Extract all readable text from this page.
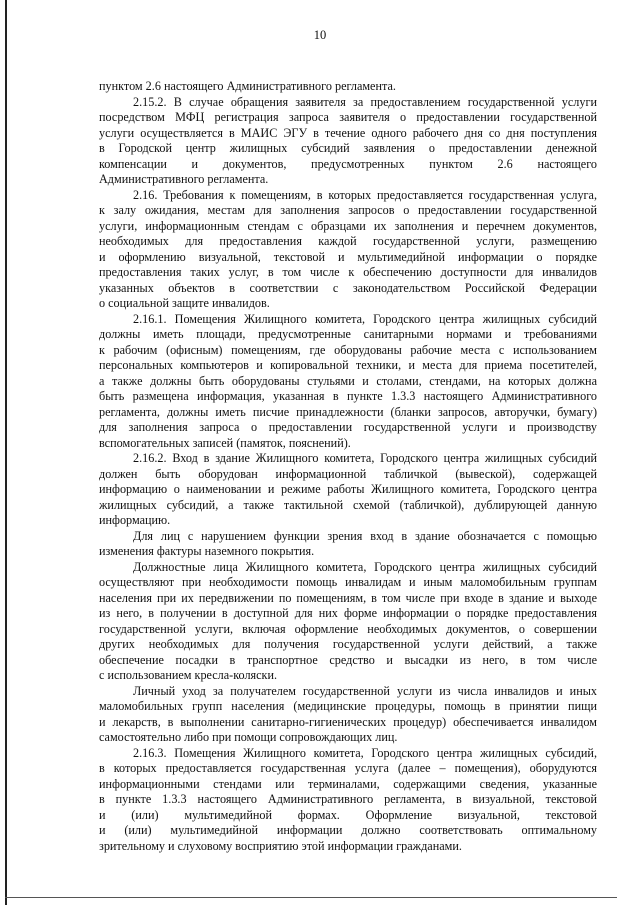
10
пунктом 2.6 настоящего Административного регламента.
2.15.2. В случае обращения заявителя за предоставлением государственной услуги
посредством МФЦ регистрация запроса заявителя о предоставлении государственной
услуги осуществляется в МАИС ЭГУ в течение одного рабочего дня со дня поступления
в Городской центр жилищных субсидий заявления о предоставлении денежной
компенсации и документов, предусмотренных пунктом 2.6 настоящего
Административного регламента.
2.16. Требования к помещениям, в которых предоставляется государственная услуга,
к залу ожидания, местам для заполнения запросов о предоставлении государственной
услуги, информационным стендам с образцами их заполнения и перечнем документов,
необходимых для предоставления каждой государственной услуги, размещению
и оформлению визуальной, текстовой и мультимедийной информации о порядке
предоставления таких услуг, в том числе к обеспечению доступности для инвалидов
указанных объектов в соответствии с законодательством Российской Федерации
о социальной защите инвалидов.
2.16.1. Помещения Жилищного комитета, Городского центра жилищных субсидий
должны иметь площади, предусмотренные санитарными нормами и требованиями
к рабочим (офисным) помещениям, где оборудованы рабочие места с использованием
персональных компьютеров и копировальной техники, и места для приема посетителей,
а также должны быть оборудованы стульями и столами, стендами, на которых должна
быть размещена информация, указанная в пункте 1.3.3 настоящего Административного
регламента, должны иметь писчие принадлежности (бланки запросов, авторучки, бумагу)
для заполнения запроса о предоставлении государственной услуги и производству
вспомогательных записей (памяток, пояснений).
2.16.2. Вход в здание Жилищного комитета, Городского центра жилищных субсидий
должен быть оборудован информационной табличкой (вывеской), содержащей
информацию о наименовании и режиме работы Жилищного комитета, Городского центра
жилищных субсидий, а также тактильной схемой (табличкой), дублирующей данную
информацию.
Для лиц с нарушением функции зрения вход в здание обозначается с помощью
изменения фактуры наземного покрытия.
Должностные лица Жилищного комитета, Городского центра жилищных субсидий
осуществляют при необходимости помощь инвалидам и иным маломобильным группам
населения при их передвижении по помещениям, в том числе при входе в здание и выходе
из него, в получении в доступной для них форме информации о порядке предоставления
государственной услуги, включая оформление необходимых документов, о совершении
других необходимых для получения государственной услуги действий, а также
обеспечение посадки в транспортное средство и высадки из него, в том числе
с использованием кресла-коляски.
Личный уход за получателем государственной услуги из числа инвалидов и иных
маломобильных групп населения (медицинские процедуры, помощь в принятии пищи
и лекарств, в выполнении санитарно-гигиенических процедур) обеспечивается инвалидом
самостоятельно либо при помощи сопровождающих лиц.
2.16.3. Помещения Жилищного комитета, Городского центра жилищных субсидий,
в которых предоставляется государственная услуга (далее – помещения), оборудуются
информационными стендами или терминалами, содержащими сведения, указанные
в пункте 1.3.3 настоящего Административного регламента, в визуальной, текстовой
и (или) мультимедийной формах. Оформление визуальной, текстовой
и (или) мультимедийной информации должно соответствовать оптимальному
зрительному и слуховому восприятию этой информации гражданами.
